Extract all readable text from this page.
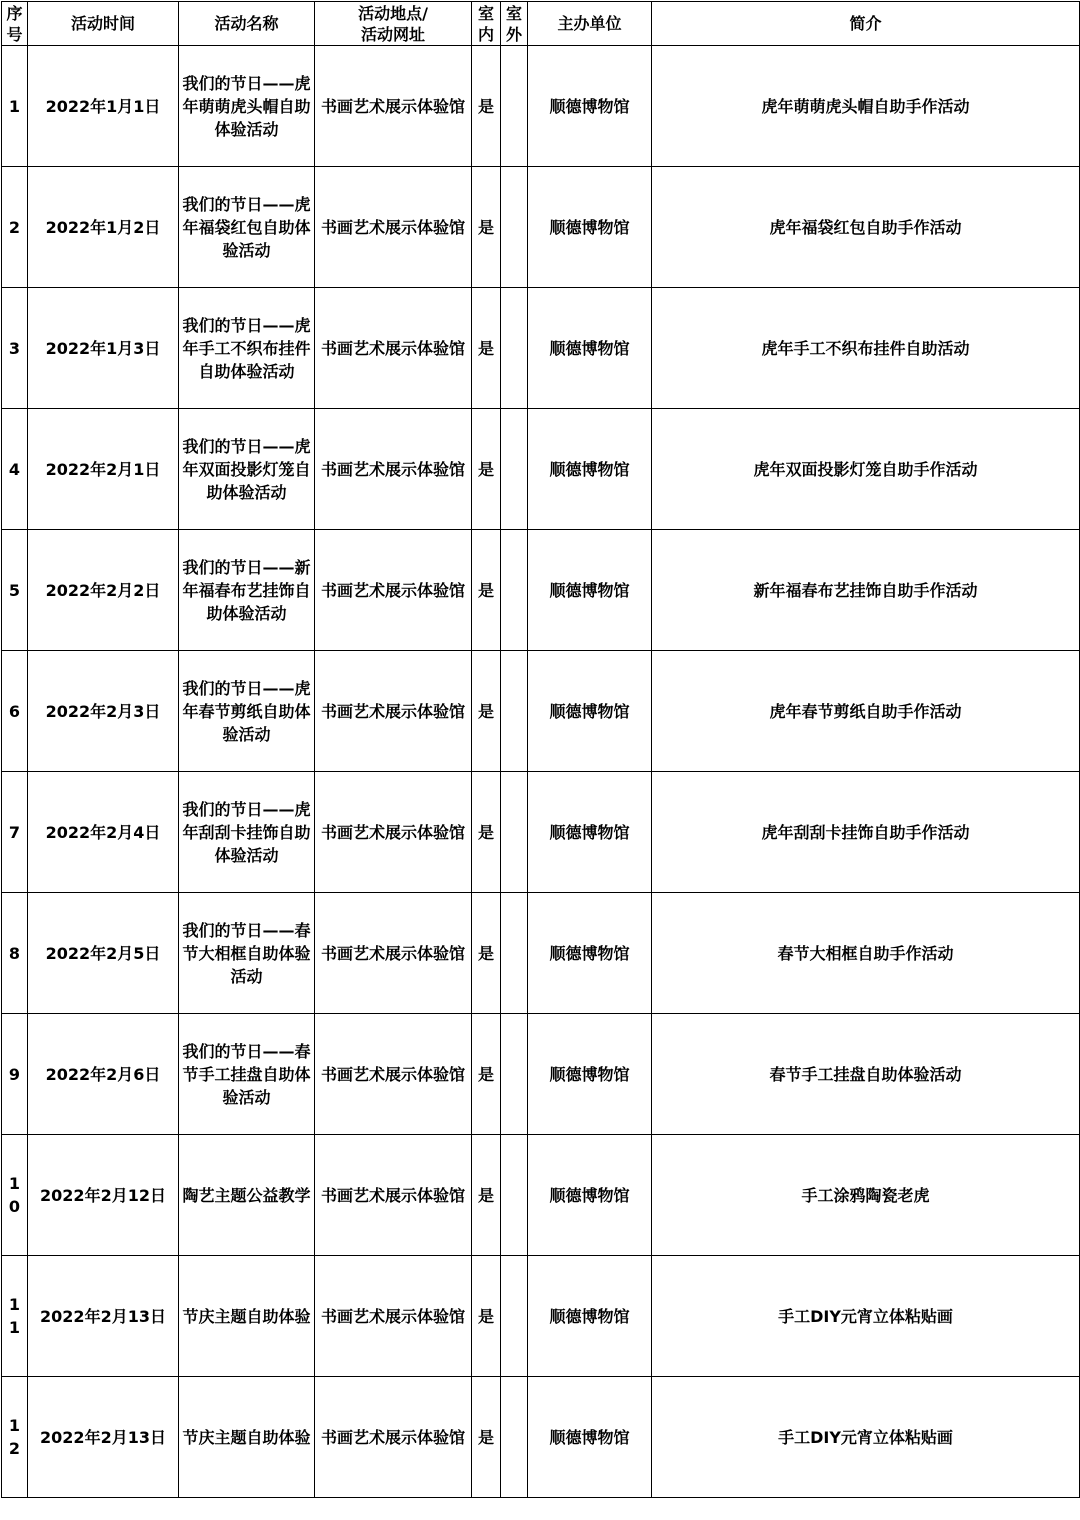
序号	活动时间	活动名称	活动地点/
活动网址	室内	室外	主办单位	简介
1	2022年1月1日	我们的节日——虎年萌萌虎头帽自助体验活动	书画艺术展示体验馆	是		顺德博物馆	虎年萌萌虎头帽自助手作活动
2	2022年1月2日	我们的节日——虎年福袋红包自助体验活动	书画艺术展示体验馆	是		顺德博物馆	虎年福袋红包自助手作活动
3	2022年1月3日	我们的节日——虎年手工不织布挂件自助体验活动	书画艺术展示体验馆	是		顺德博物馆	虎年手工不织布挂件自助活动
4	2022年2月1日	我们的节日——虎年双面投影灯笼自助体验活动	书画艺术展示体验馆	是		顺德博物馆	虎年双面投影灯笼自助手作活动
5	2022年2月2日	我们的节日——新年福春布艺挂饰自助体验活动	书画艺术展示体验馆	是		顺德博物馆	新年福春布艺挂饰自助手作活动
6	2022年2月3日	我们的节日——虎年春节剪纸自助体验活动	书画艺术展示体验馆	是		顺德博物馆	虎年春节剪纸自助手作活动
7	2022年2月4日	我们的节日——虎年刮刮卡挂饰自助体验活动	书画艺术展示体验馆	是		顺德博物馆	虎年刮刮卡挂饰自助手作活动
8	2022年2月5日	我们的节日——春节大相框自助体验活动	书画艺术展示体验馆	是		顺德博物馆	春节大相框自助手作活动
9	2022年2月6日	我们的节日——春节手工挂盘自助体验活动	书画艺术展示体验馆	是		顺德博物馆	春节手工挂盘自助体验活动
10	2022年2月12日	陶艺主题公益教学	书画艺术展示体验馆	是		顺德博物馆	手工涂鸦陶瓷老虎
11	2022年2月13日	节庆主题自助体验	书画艺术展示体验馆	是		顺德博物馆	手工DIY元宵立体粘贴画
12	2022年2月13日	节庆主题自助体验	书画艺术展示体验馆	是		顺德博物馆	手工DIY元宵立体粘贴画
